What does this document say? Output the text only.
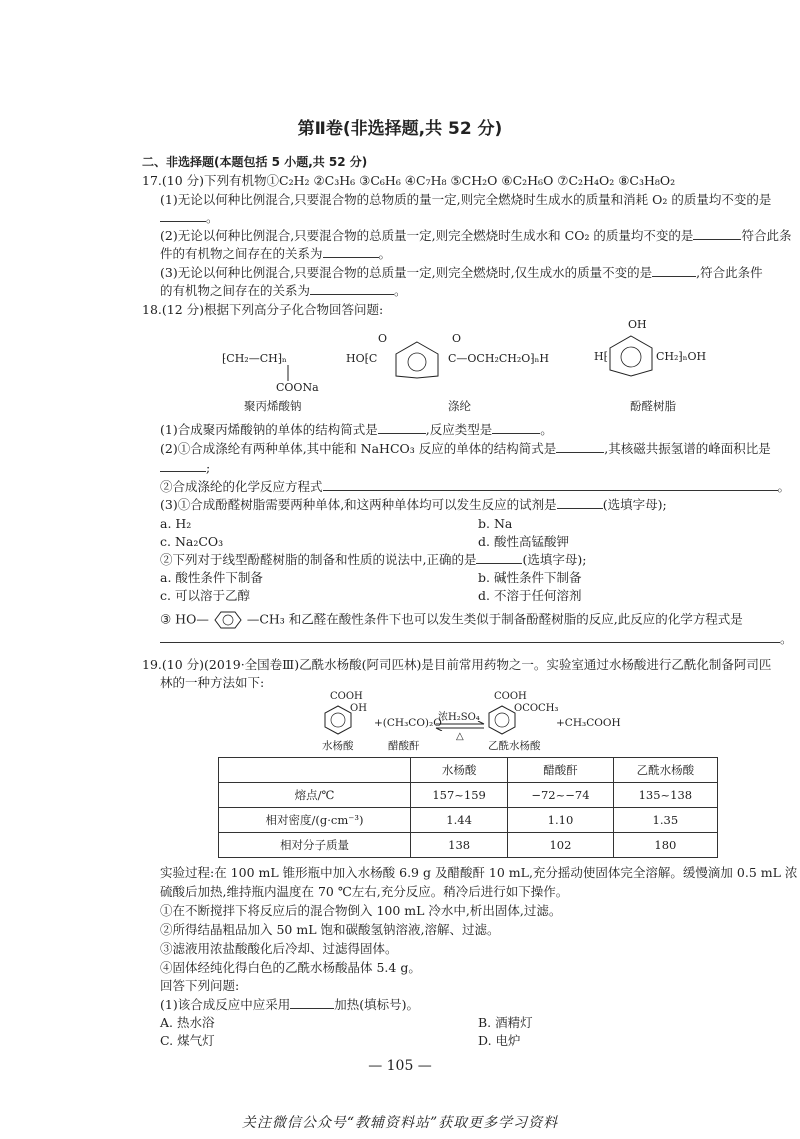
第Ⅱ卷(非选择题,共 52 分)
二、非选择题(本题包括 5 小题,共 52 分)
17.(10 分)下列有机物①C₂H₂ ②C₃H₆ ③C₆H₆ ④C₇H₈ ⑤CH₂O ⑥C₂H₆O ⑦C₂H₄O₂ ⑧C₃H₈O₂
(1)无论以何种比例混合,只要混合物的总物质的量一定,则完全燃烧时生成水的质量和消耗 O₂ 的质量均不变的是
。
(2)无论以何种比例混合,只要混合物的总质量一定,则完全燃烧时生成水和 CO₂ 的质量均不变的是	符合此条
件的有机物之间存在的关系为	。
(3)无论以何种比例混合,只要混合物的总质量一定,则完全燃烧时,仅生成水的质量不变的是	,符合此条件
的有机物之间存在的关系为	。
18.(12 分)根据下列高分子化合物回答问题:
⁅CH₂—CH⁆ₙ
COONa
HO⁅C
O
C—OCH₂CH₂O⁆ₙH
O
OH
H⁅	CH₂⁆ₙOH
聚丙烯酸钠	涤纶	酚醛树脂
(1)合成聚丙烯酸钠的单体的结构简式是	,反应类型是	。
(2)①合成涤纶有两种单体,其中能和 NaHCO₃ 反应的单体的结构简式是	,其核磁共振氢谱的峰面积比是
;
②合成涤纶的化学反应方程式	。
(3)①合成酚醛树脂需要两种单体,和这两种单体均可以发生反应的试剂是	(选填字母);
a. H₂	b. Na
c. Na₂CO₃	d. 酸性高锰酸钾
②下列对于线型酚醛树脂的制备和性质的说法中,正确的是	(选填字母);
a. 酸性条件下制备	b. 碱性条件下制备
c. 可以溶于乙醇	d. 不溶于任何溶剂
③ HO—	—CH₃ 和乙醛在酸性条件下也可以发生类似于制备酚醛树脂的反应,此反应的化学方程式是
。
19.(10 分)(2019·全国卷Ⅲ)乙酰水杨酸(阿司匹林)是目前常用药物之一。实验室通过水杨酸进行乙酰化制备阿司匹
林的一种方法如下:
COOH
OH
+(CH₃CO)₂O
浓H₂SO₄
△
COOH
OCOCH₃
+CH₃COOH
水杨酸	醋酸酐	乙酰水杨酸
	水杨酸	醋酸酐	乙酰水杨酸
熔点/℃	157~159	−72~−74	135~138
相对密度/(g·cm⁻³)	1.44	1.10	1.35
相对分子质量	138	102	180
实验过程:在 100 mL 锥形瓶中加入水杨酸 6.9 g 及醋酸酐 10 mL,充分摇动使固体完全溶解。缓慢滴加 0.5 mL 浓
硫酸后加热,维持瓶内温度在 70 ℃左右,充分反应。稍冷后进行如下操作。
①在不断搅拌下将反应后的混合物倒入 100 mL 冷水中,析出固体,过滤。
②所得结晶粗品加入 50 mL 饱和碳酸氢钠溶液,溶解、过滤。
③滤液用浓盐酸酸化后冷却、过滤得固体。
④固体经纯化得白色的乙酰水杨酸晶体 5.4 g。
回答下列问题:
(1)该合成反应中应采用	加热(填标号)。
A. 热水浴	B. 酒精灯
C. 煤气灯	D. 电炉
— 105 —
关注微信公众号“教辅资料站”获取更多学习资料
